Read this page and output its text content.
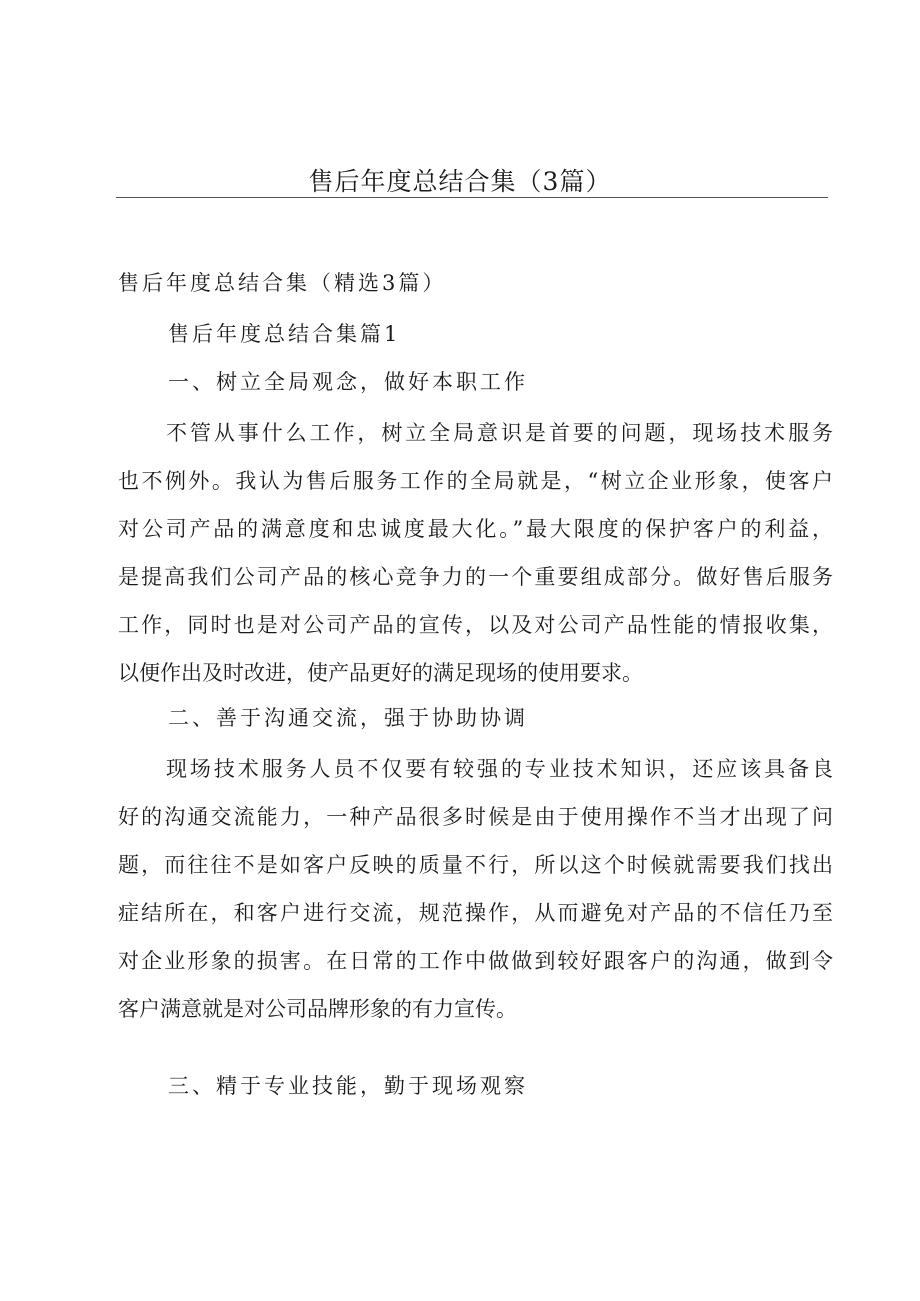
售后年度总结合集（3篇）

售后年度总结合集（精选3篇）

售后年度总结合集篇1

一、树立全局观念，做好本职工作

不管从事什么工作，树立全局意识是首要的问题，现场技术服务
也不例外。我认为售后服务工作的全局就是，“树立企业形象，使客户
对公司产品的满意度和忠诚度最大化。”最大限度的保护客户的利益，
是提高我们公司产品的核心竞争力的一个重要组成部分。做好售后服务
工作，同时也是对公司产品的宣传，以及对公司产品性能的情报收集，
以便作出及时改进，使产品更好的满足现场的使用要求。

二、善于沟通交流，强于协助协调

现场技术服务人员不仅要有较强的专业技术知识，还应该具备良
好的沟通交流能力，一种产品很多时候是由于使用操作不当才出现了问
题，而往往不是如客户反映的质量不行，所以这个时候就需要我们找出
症结所在，和客户进行交流，规范操作，从而避免对产品的不信任乃至
对企业形象的损害。在日常的工作中做做到较好跟客户的沟通，做到令
客户满意就是对公司品牌形象的有力宣传。

三、精于专业技能，勤于现场观察
